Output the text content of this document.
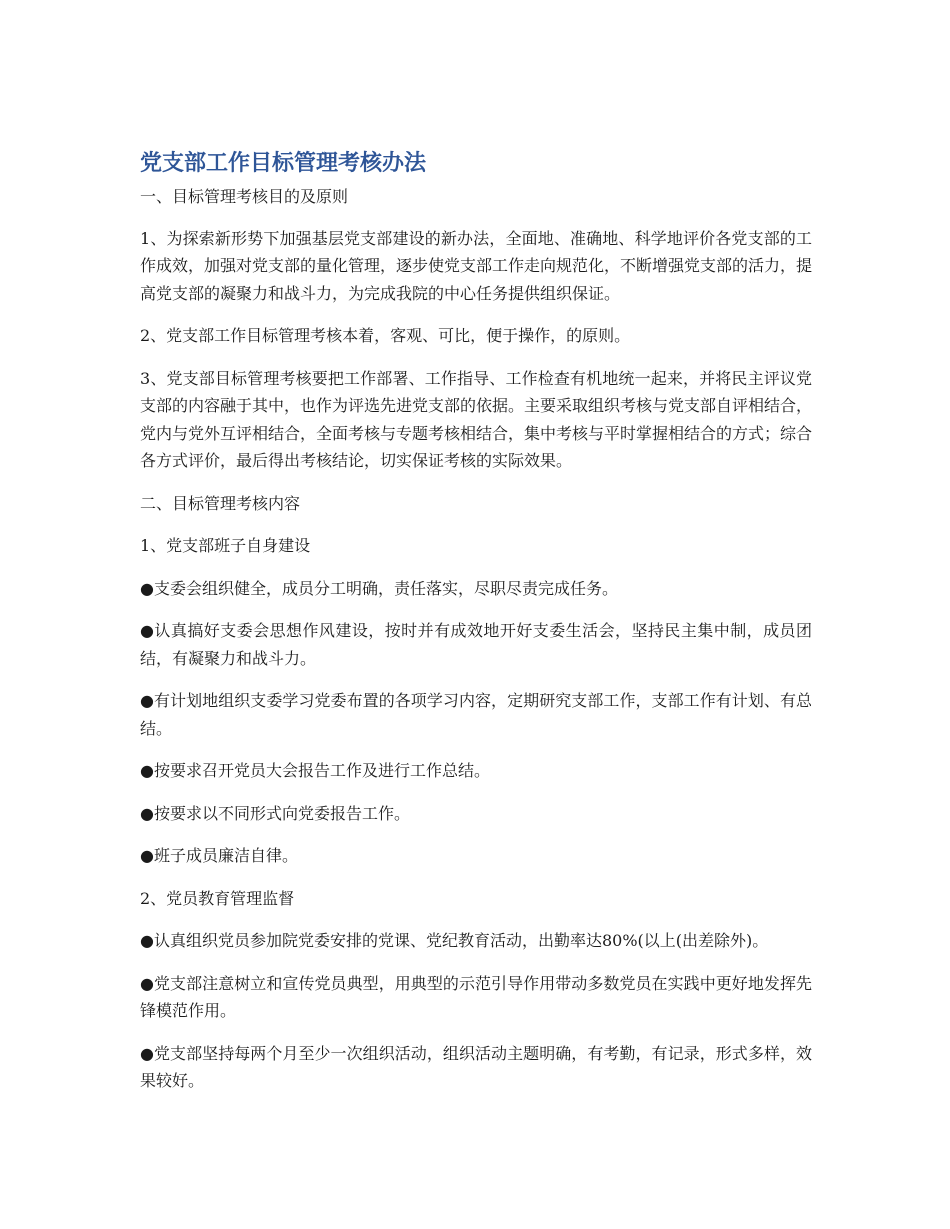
党支部工作目标管理考核办法

一、目标管理考核目的及原则

1、为探索新形势下加强基层党支部建设的新办法，全面地、准确地、科学地评价各党支部的工作成效，加强对党支部的量化管理，逐步使党支部工作走向规范化，不断增强党支部的活力，提高党支部的凝聚力和战斗力，为完成我院的中心任务提供组织保证。

2、党支部工作目标管理考核本着，客观、可比，便于操作，的原则。

3、党支部目标管理考核要把工作部署、工作指导、工作检查有机地统一起来，并将民主评议党支部的内容融于其中，也作为评选先进党支部的依据。主要采取组织考核与党支部自评相结合，党内与党外互评相结合，全面考核与专题考核相结合，集中考核与平时掌握相结合的方式；综合各方式评价，最后得出考核结论，切实保证考核的实际效果。

二、目标管理考核内容

1、党支部班子自身建设

●支委会组织健全，成员分工明确，责任落实，尽职尽责完成任务。

●认真搞好支委会思想作风建设，按时并有成效地开好支委生活会，坚持民主集中制，成员团结，有凝聚力和战斗力。

●有计划地组织支委学习党委布置的各项学习内容，定期研究支部工作，支部工作有计划、有总结。

●按要求召开党员大会报告工作及进行工作总结。

●按要求以不同形式向党委报告工作。

●班子成员廉洁自律。

2、党员教育管理监督

●认真组织党员参加院党委安排的党课、党纪教育活动，出勤率达80%(以上(出差除外)。

●党支部注意树立和宣传党员典型，用典型的示范引导作用带动多数党员在实践中更好地发挥先锋模范作用。

●党支部坚持每两个月至少一次组织活动，组织活动主题明确，有考勤，有记录，形式多样，效果较好。
